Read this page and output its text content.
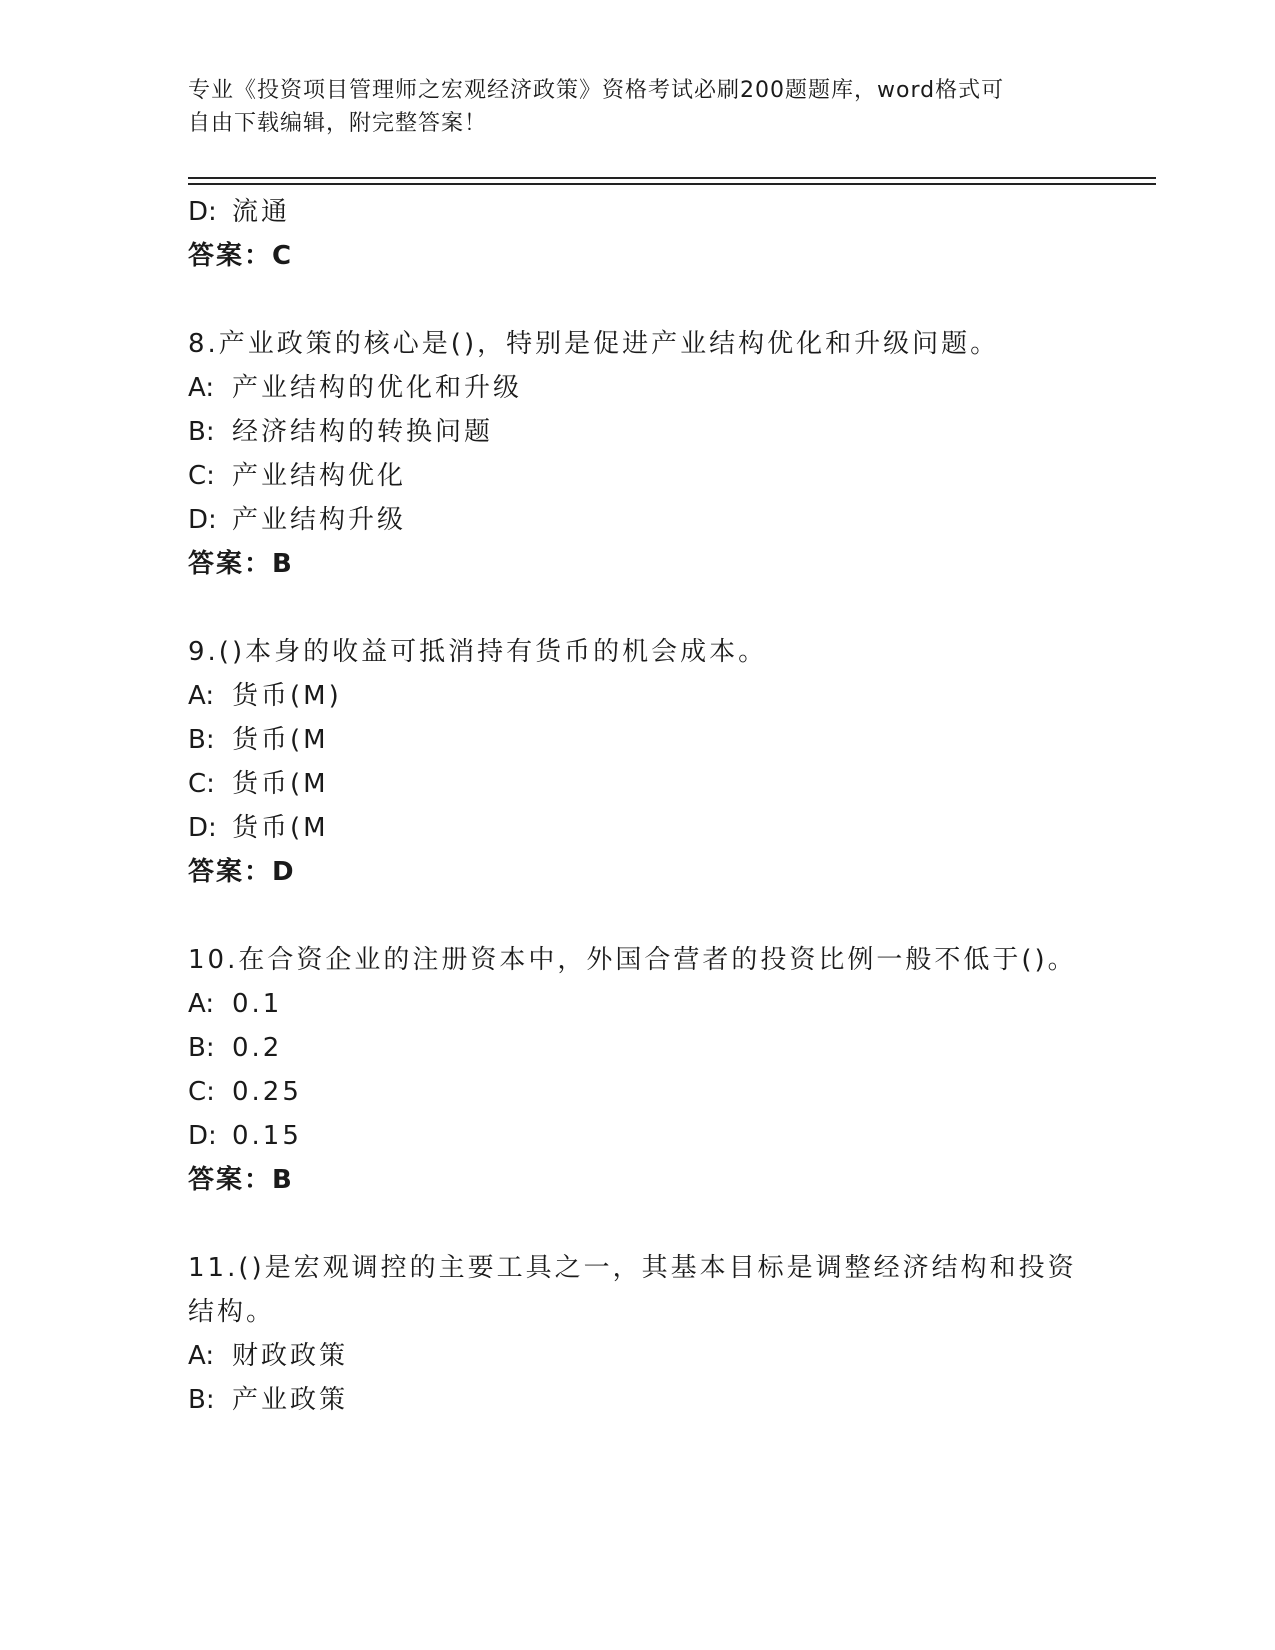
专业《投资项目管理师之宏观经济政策》资格考试必刷200题题库，word格式可
自由下载编辑，附完整答案！
D: 流通
答案：C
8.产业政策的核心是()，特别是促进产业结构优化和升级问题。
A: 产业结构的优化和升级
B: 经济结构的转换问题
C: 产业结构优化
D: 产业结构升级
答案：B
9.()本身的收益可抵消持有货币的机会成本。
A: 货币(M)
B: 货币(M
C: 货币(M
D: 货币(M
答案：D
10.在合资企业的注册资本中，外国合营者的投资比例一般不低于()。
A: 0.1
B: 0.2
C: 0.25
D: 0.15
答案：B
11.()是宏观调控的主要工具之一，其基本目标是调整经济结构和投资
结构。
A: 财政政策
B: 产业政策
